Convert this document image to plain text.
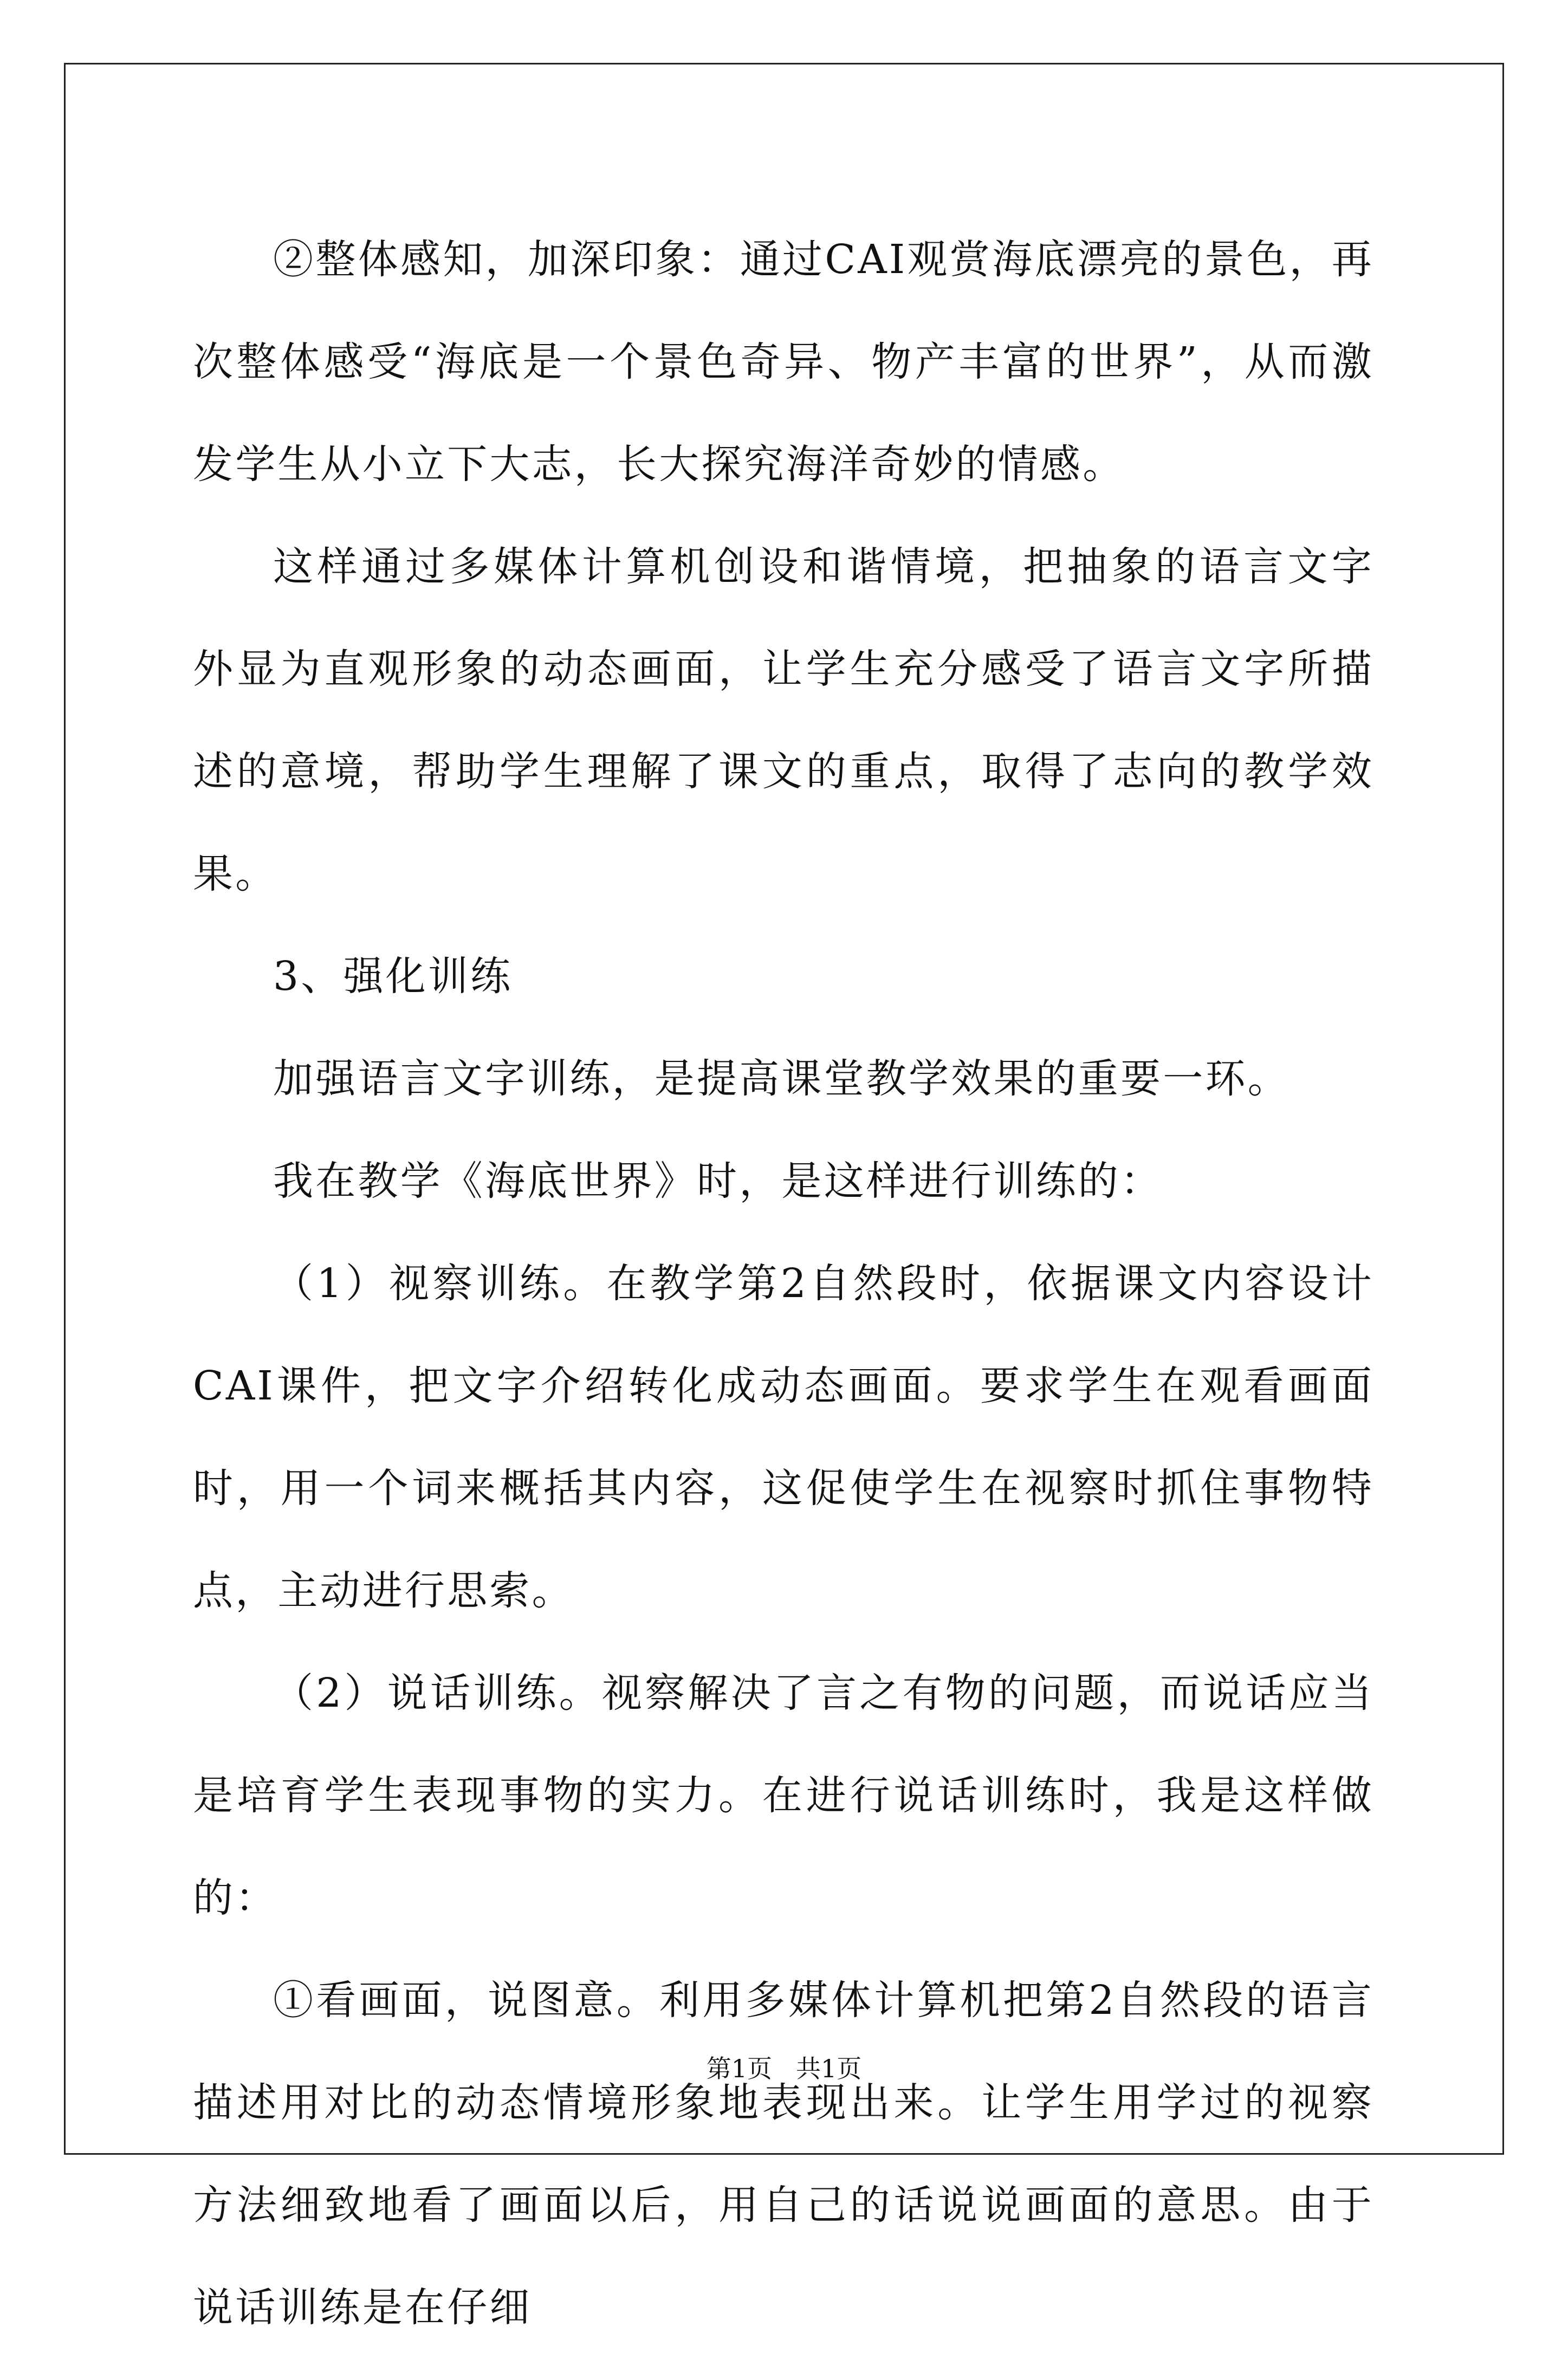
②整体感知，加深印象：通过CAI观赏海底漂亮的景色，再次整体感受“海底是一个景色奇异、物产丰富的世界”，从而激发学生从小立下大志，长大探究海洋奇妙的情感。

这样通过多媒体计算机创设和谐情境，把抽象的语言文字外显为直观形象的动态画面，让学生充分感受了语言文字所描述的意境，帮助学生理解了课文的重点，取得了志向的教学效果。

3、强化训练

加强语言文字训练，是提高课堂教学效果的重要一环。

我在教学《海底世界》时，是这样进行训练的：

（1）视察训练。在教学第2自然段时，依据课文内容设计CAI课件，把文字介绍转化成动态画面。要求学生在观看画面时，用一个词来概括其内容，这促使学生在视察时抓住事物特点，主动进行思索。

（2）说话训练。视察解决了言之有物的问题，而说话应当是培育学生表现事物的实力。在进行说话训练时，我是这样做的：

①看画面，说图意。利用多媒体计算机把第2自然段的语言描述用对比的动态情境形象地表现出来。让学生用学过的视察方法细致地看了画面以后，用自己的话说说画面的意思。由于说话训练是在仔细

第1页 共1页
